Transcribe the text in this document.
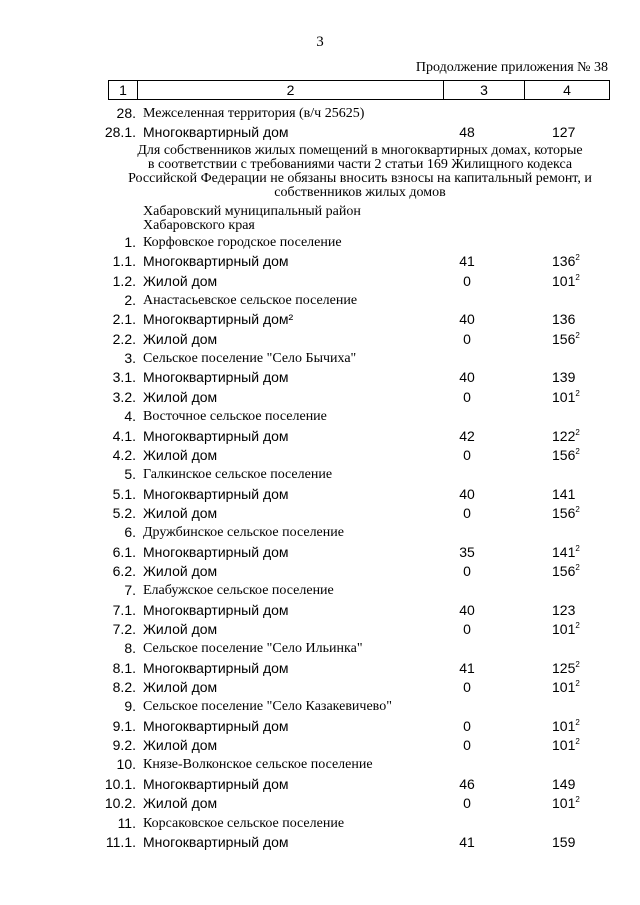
3
Продолжение приложения № 38
1	2	3	4
28. Межселенная территория (в/ч 25625)
28.1. Многоквартирный дом	48	127
1. Корфовское городское поселение
1.1. Многоквартирный дом	41	$136^2$
1.2. Жилой дом	0	$101^2$
2. Анастасьевское сельское поселение
2.1. Многоквартирный дом²	40	136
2.2. Жилой дом	0	$156^2$
3. Сельское поселение "Село Бычиха"
3.1. Многоквартирный дом	40	139
3.2. Жилой дом	0	$101^2$
4. Восточное сельское поселение
4.1. Многоквартирный дом	42	$122^2$
4.2. Жилой дом	0	$156^2$
5. Галкинское сельское поселение
5.1. Многоквартирный дом	40	141
5.2. Жилой дом	0	$156^2$
6. Дружбинское сельское поселение
6.1. Многоквартирный дом	35	$141^2$
6.2. Жилой дом	0	$156^2$
7. Елабужское сельское поселение
7.1. Многоквартирный дом	40	123
7.2. Жилой дом	0	$101^2$
8. Сельское поселение "Село Ильинка"
8.1. Многоквартирный дом	41	$125^2$
8.2. Жилой дом	0	$101^2$
9. Сельское поселение "Село Казакевичево"
9.1. Многоквартирный дом	0	$101^2$
9.2. Жилой дом	0	$101^2$
10. Князе-Волконское сельское поселение
10.1. Многоквартирный дом	46	149
10.2. Жилой дом	0	$101^2$
11. Корсаковское сельское поселение
11.1. Многоквартирный дом	41	159
Для собственников жилых помещений в многоквартирных домах, которые
в соответствии с требованиями части 2 статьи 169 Жилищного кодекса
Российской Федерации не обязаны вносить взносы на капитальный ремонт, и
собственников жилых домов
Хабаровский муниципальный район
Хабаровского края
